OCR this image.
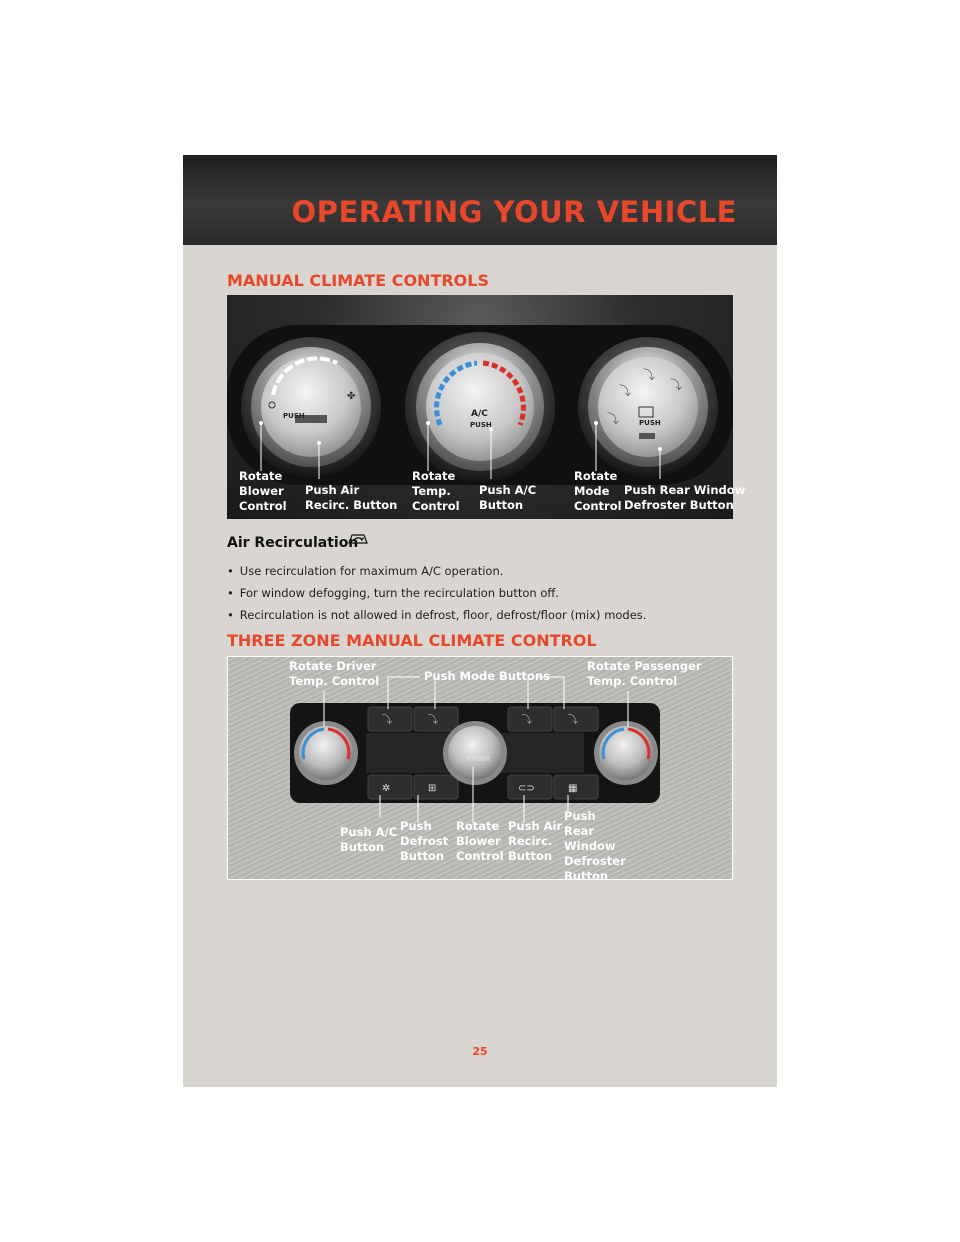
OPERATING YOUR VEHICLE
MANUAL CLIMATE CONTROLS
✤	⤵
⤵
⤵
⤵
PUSH	A/C
PUSH	PUSH
Rotate
Blower
Control
Push Air
Recirc. Button
Rotate
Temp.
Control
Push A/C
Button
Rotate
Mode
Control
Push Rear Window
Defroster Button
Air Recirculation
• Use recirculation for maximum A/C operation.
• For window defogging, turn the recirculation button off.
• Recirculation is not allowed in defrost, floor, defrost/floor (mix) modes.
THREE ZONE MANUAL CLIMATE CONTROL
⤵	⤵	⤵	⤵
✲	⊞	⊂⊃	▦
FRONT
Rotate Driver
Temp. Control	Push Mode Buttons
Rotate Passenger
Temp. Control
Push A/C
Button
Push
Defrost
Button
Rotate
Blower
Control
Push Air
Recirc.
Button
Push
Rear
Window
Defroster
Button
25
